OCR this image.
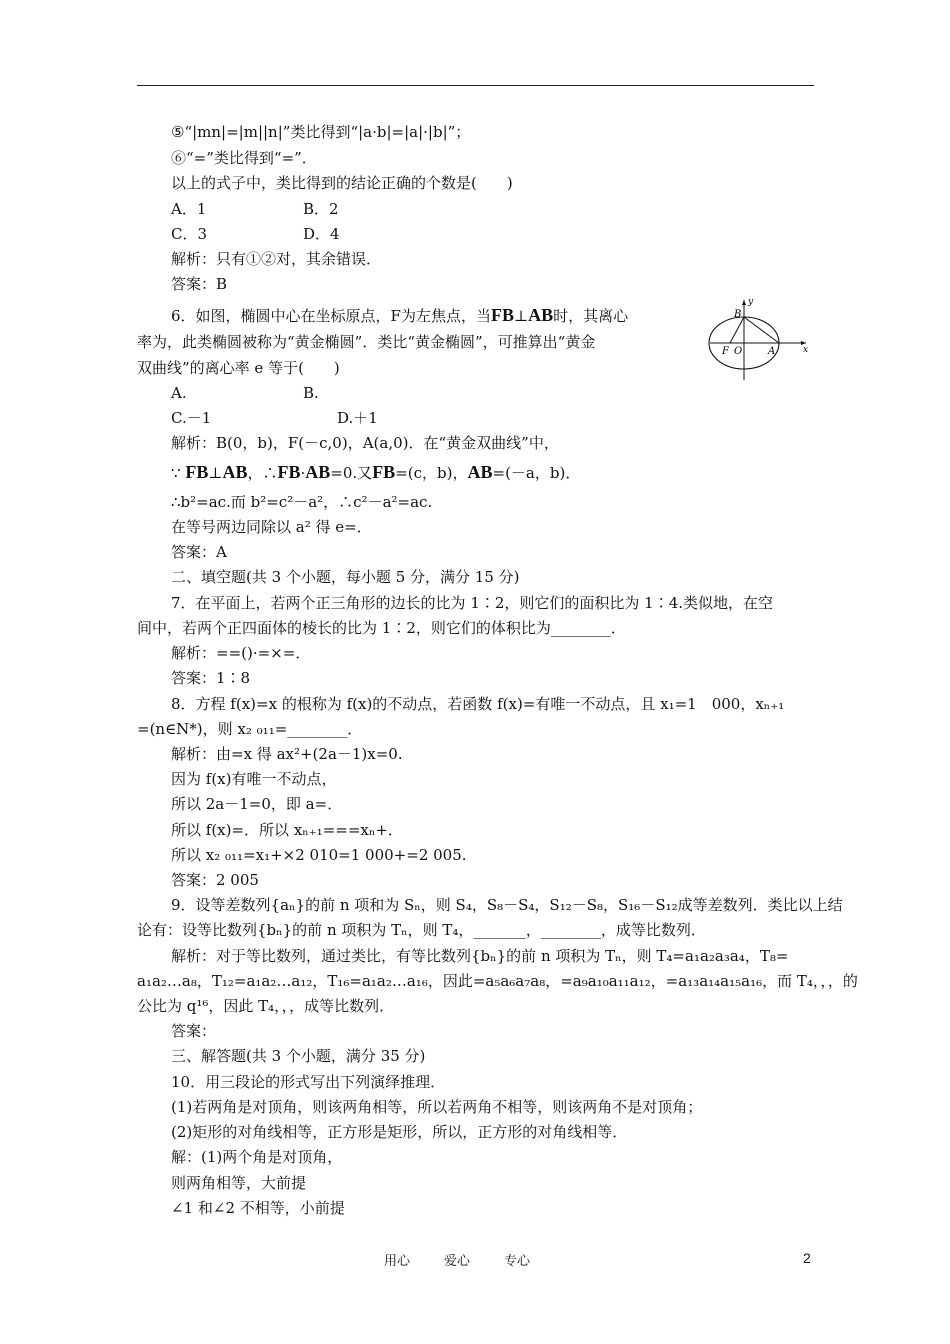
⑤“|mn|=|m||n|”类比得到“|a·b|=|a|·|b|”；
⑥“=”类比得到“=”．
以上的式子中，类比得到的结论正确的个数是(　　)
A．1	B．2
C．3	D．4
解析：只有①②对，其余错误．
答案：B
6．如图，椭圆中心在坐标原点，F为左焦点，当FB⊥AB时，其离心
率为，此类椭圆被称为“黄金椭圆”．类比“黄金椭圆”，可推算出“黄金
双曲线”的离心率 e 等于(　　)
A.	B.
C.－1	D.＋1
解析：B(0，b)，F(－c,0)，A(a,0)．在“黄金双曲线”中，
∵ FB⊥AB，∴FB·AB=0.又FB=(c，b)，AB=(－a，b)．
∴b²=ac.而 b²=c²－a²，∴c²－a²=ac.
在等号两边同除以 a² 得 e=．
答案：A
二、填空题(共 3 个小题，每小题 5 分，满分 15 分)
7．在平面上，若两个正三角形的边长的比为 1∶2，则它们的面积比为 1∶4.类似地，在空
间中，若两个正四面体的棱长的比为 1∶2，则它们的体积比为________．
解析：==()·=×=．
答案：1∶8
8．方程 f(x)=x 的根称为 f(x)的不动点，若函数 f(x)=有唯一不动点，且 x₁=1　000，xₙ₊₁
=(n∈N*)，则 x₂ ₀₁₁=________．
解析：由=x 得 ax²+(2a－1)x=0.
因为 f(x)有唯一不动点，
所以 2a－1=0，即 a=．
所以 f(x)=．所以 xₙ₊₁===xₙ+．
所以 x₂ ₀₁₁=x₁+×2 010=1 000+=2 005.
答案：2 005
9．设等差数列{aₙ}的前 n 项和为 Sₙ，则 S₄，S₈－S₄，S₁₂－S₈，S₁₆－S₁₂成等差数列．类比以上结
论有：设等比数列{bₙ}的前 n 项积为 Tₙ，则 T₄，_______，________，成等比数列．
解析：对于等比数列，通过类比，有等比数列{bₙ}的前 n 项积为 Tₙ，则 T₄=a₁a₂a₃a₄，T₈=
a₁a₂…a₈，T₁₂=a₁a₂…a₁₂，T₁₆=a₁a₂…a₁₆，因此=a₅a₆a₇a₈，=a₉a₁₀a₁₁a₁₂，=a₁₃a₁₄a₁₅a₁₆，而 T₄，，，的
公比为 q¹⁶，因此 T₄，，，成等比数列．
答案：
三、解答题(共 3 个小题，满分 35 分)
10．用三段论的形式写出下列演绎推理．
(1)若两角是对顶角，则该两角相等，所以若两角不相等，则该两角不是对顶角；
(2)矩形的对角线相等，正方形是矩形，所以，正方形的对角线相等．
解：(1)两个角是对顶角，
则两角相等，大前提
∠1 和∠2 不相等，小前提
y
x
B
F O	A
用心	爱心	专心	2
